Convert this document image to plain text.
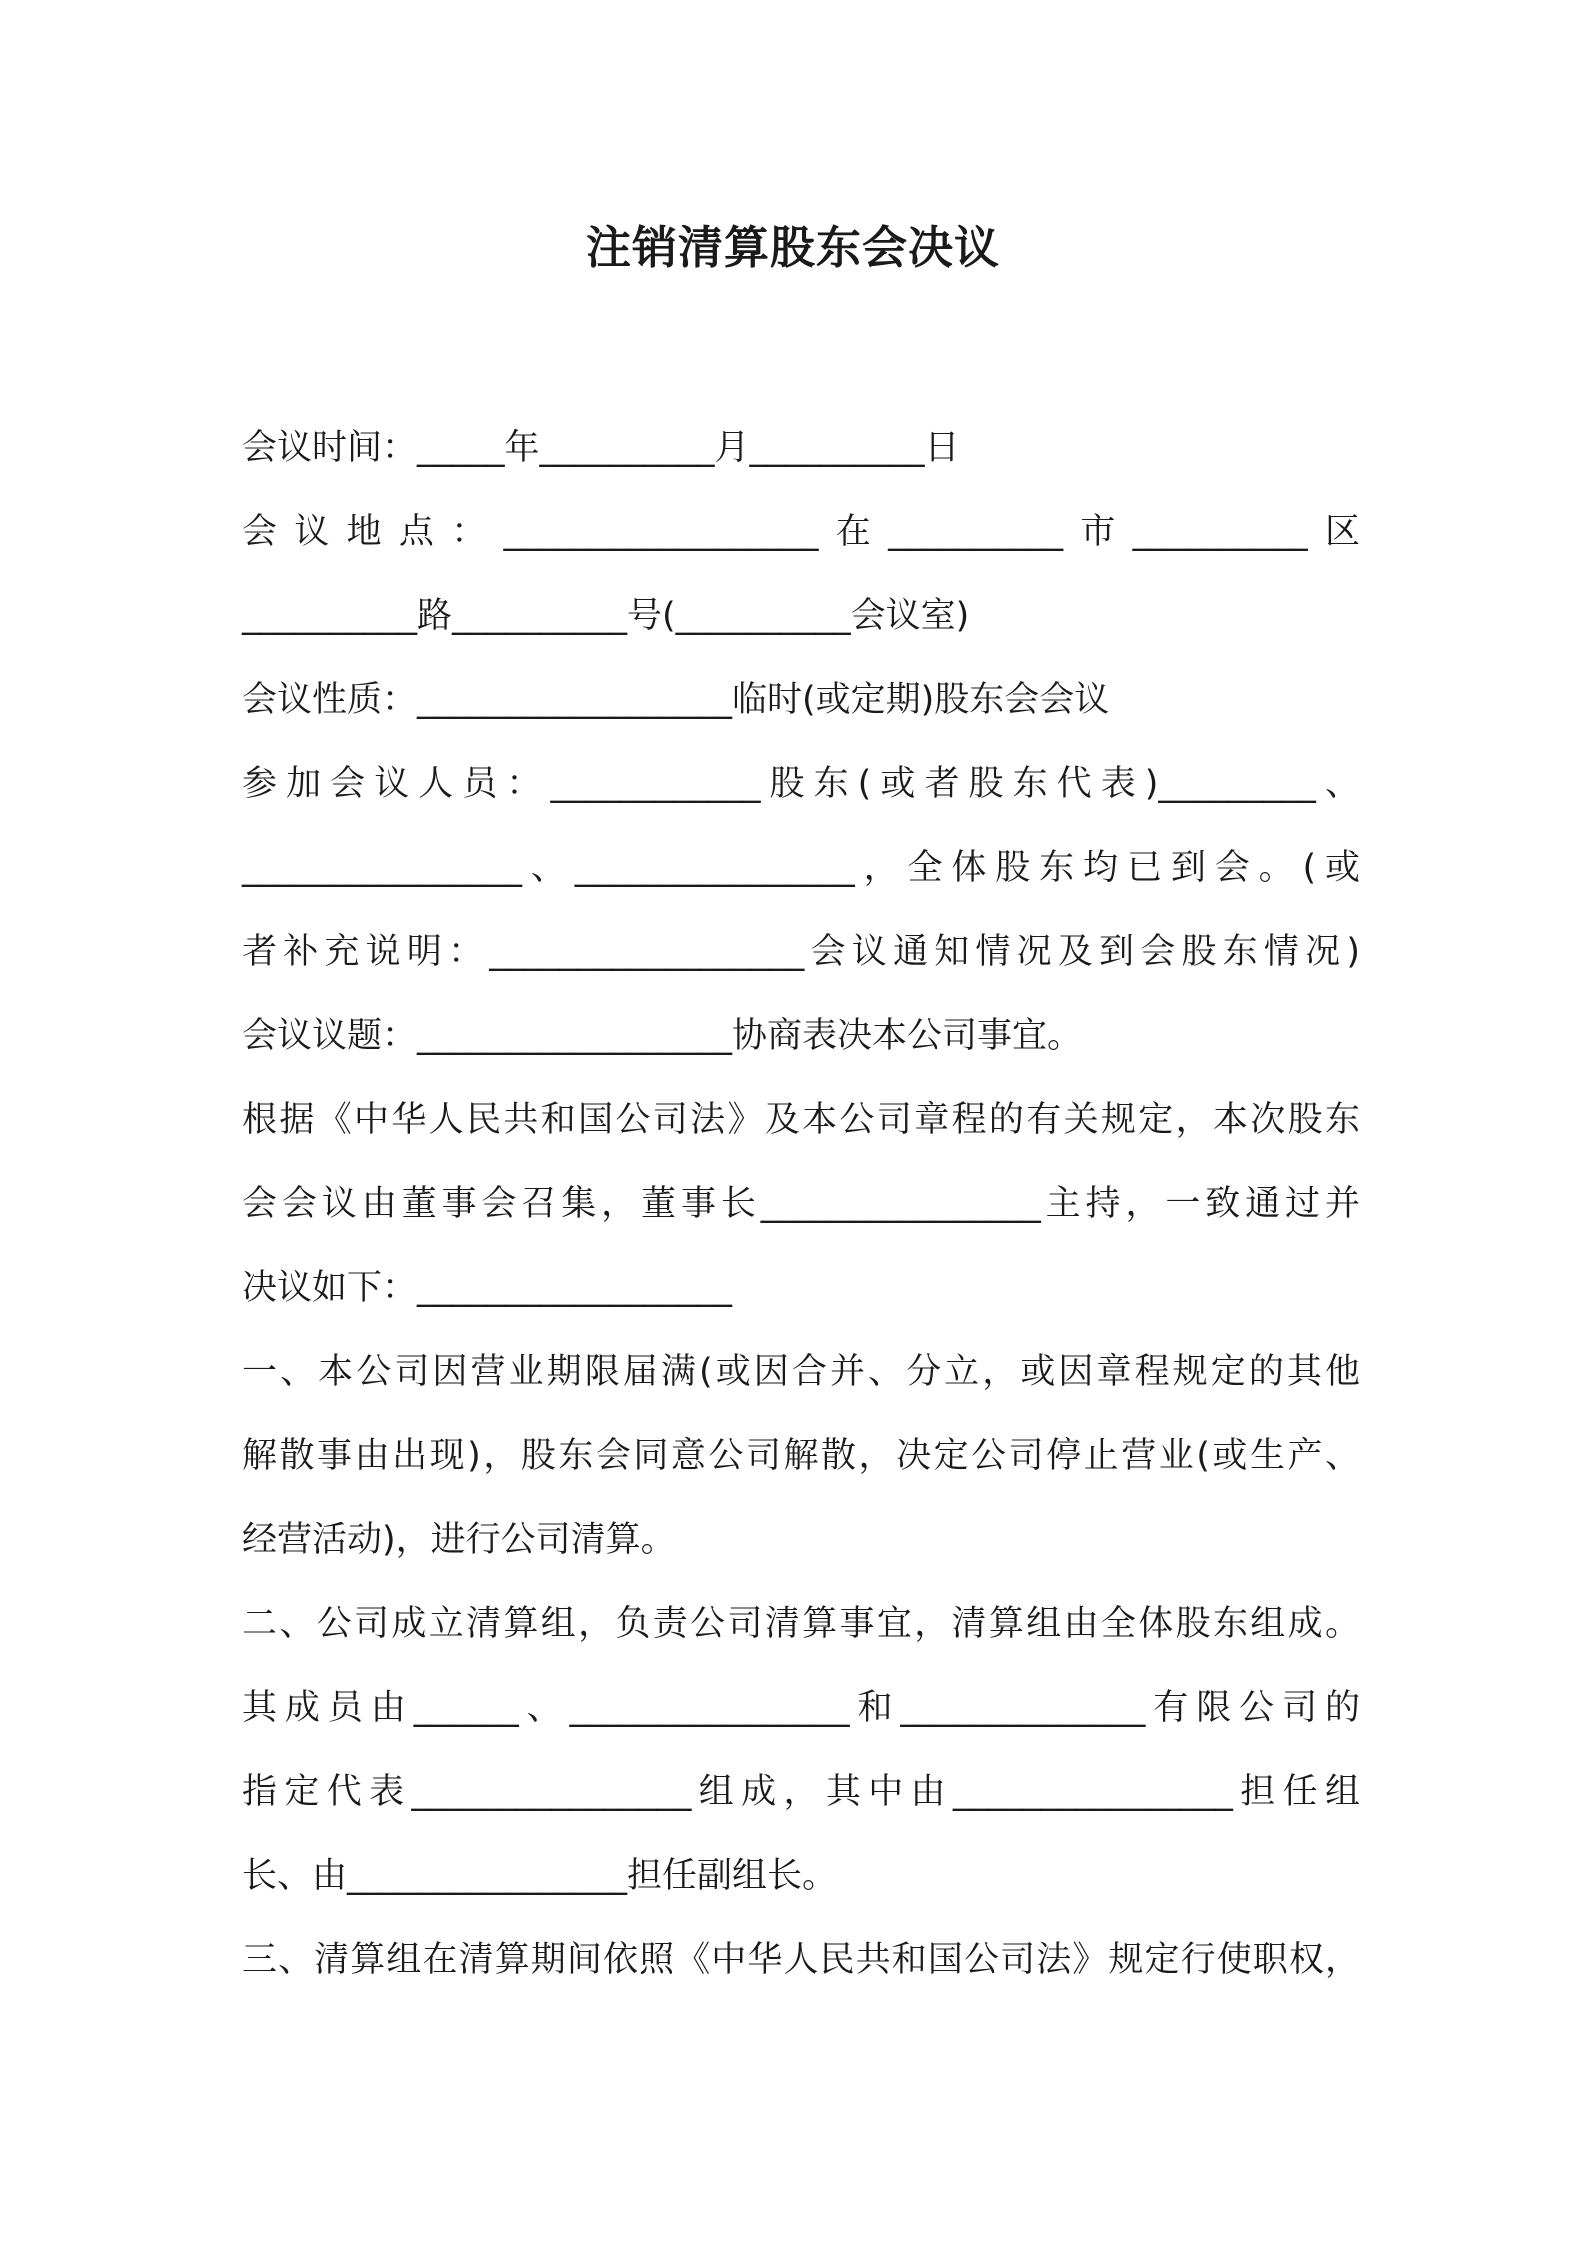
注销清算股东会决议

会议时间：_____年__________月__________日

会议地点：__________________在__________市__________区

__________路__________号(__________会议室)

会议性质：__________________临时(或定期)股东会会议

参加会议人员：____________股东(或者股东代表)_________、

________________、________________，全体股东均已到会。(或

者补充说明：__________________会议通知情况及到会股东情况)

会议议题：__________________协商表决本公司事宜。

根据《中华人民共和国公司法》及本公司章程的有关规定，本次股东

会会议由董事会召集，董事长________________主持，一致通过并

决议如下：__________________

一、本公司因营业期限届满(或因合并、分立，或因章程规定的其他

解散事由出现)，股东会同意公司解散，决定公司停止营业(或生产、

经营活动)，进行公司清算。

二、公司成立清算组，负责公司清算事宜，清算组由全体股东组成。

其成员由______、________________和______________有限公司的

指定代表________________组成，其中由________________担任组

长、由________________担任副组长。

三、清算组在清算期间依照《中华人民共和国公司法》规定行使职权，
